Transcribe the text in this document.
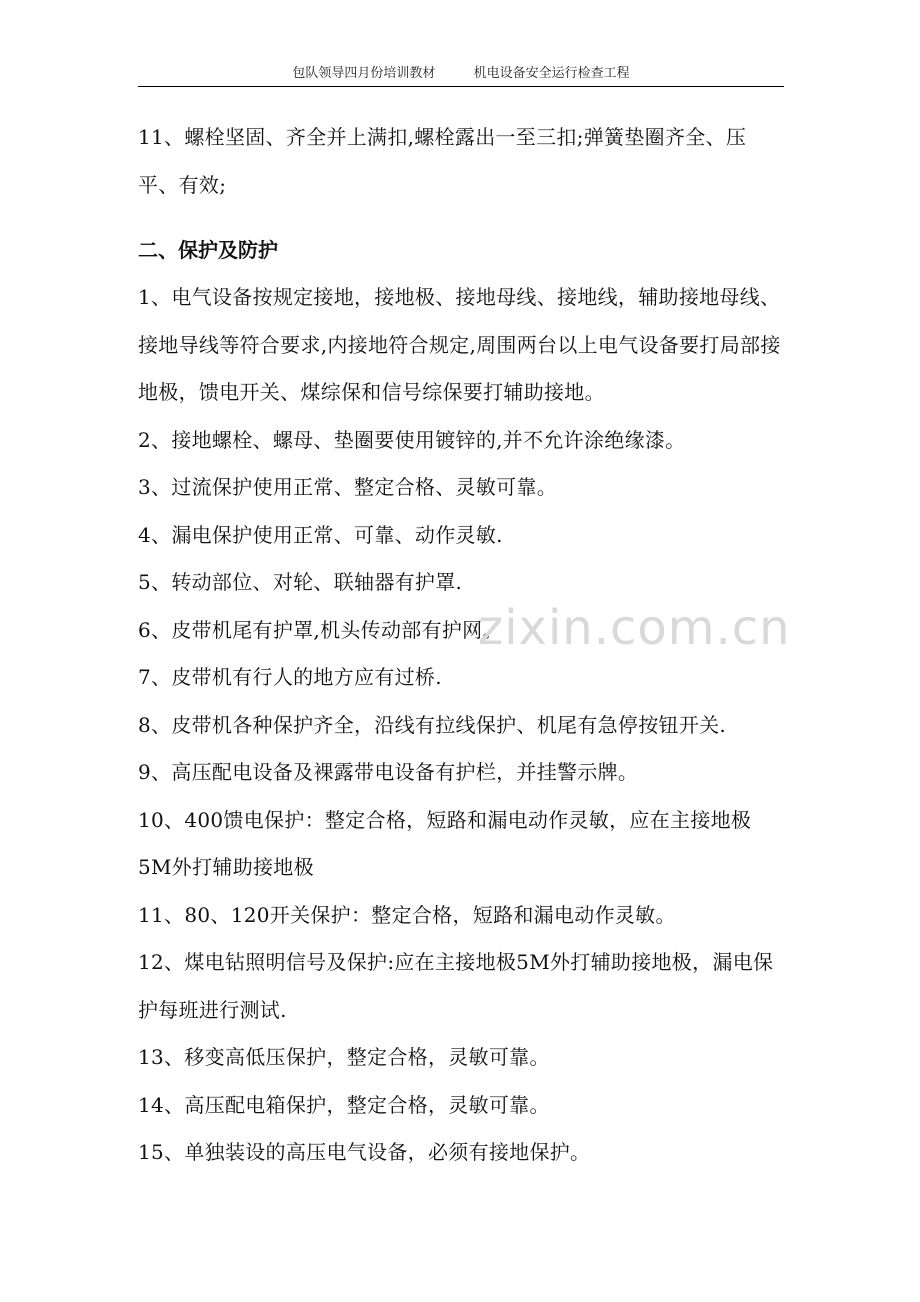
包队领导四月份培训教材	机电设备安全运行检查工程

11、螺栓坚固、齐全并上满扣,螺栓露出一至三扣;弹簧垫圈齐全、压平、有效;

二、保护及防护

1、电气设备按规定接地，接地极、接地母线、接地线，辅助接地母线、接地导线等符合要求,内接地符合规定,周围两台以上电气设备要打局部接地极，馈电开关、煤综保和信号综保要打辅助接地。

2、接地螺栓、螺母、垫圈要使用镀锌的,并不允许涂绝缘漆。

3、过流保护使用正常、整定合格、灵敏可靠。

4、漏电保护使用正常、可靠、动作灵敏.

5、转动部位、对轮、联轴器有护罩.

6、皮带机尾有护罩,机头传动部有护网。

7、皮带机有行人的地方应有过桥.

8、皮带机各种保护齐全，沿线有拉线保护、机尾有急停按钮开关.

9、高压配电设备及裸露带电设备有护栏，并挂警示牌。

10、400馈电保护：整定合格，短路和漏电动作灵敏，应在主接地极5M外打辅助接地极

11、80、120开关保护：整定合格，短路和漏电动作灵敏。

12、煤电钻照明信号及保护:应在主接地极5M外打辅助接地极，漏电保护每班进行测试.

13、移变高低压保护，整定合格，灵敏可靠。

14、高压配电箱保护，整定合格，灵敏可靠。

15、单独装设的高压电气设备，必须有接地保护。

zixin.com.cn
